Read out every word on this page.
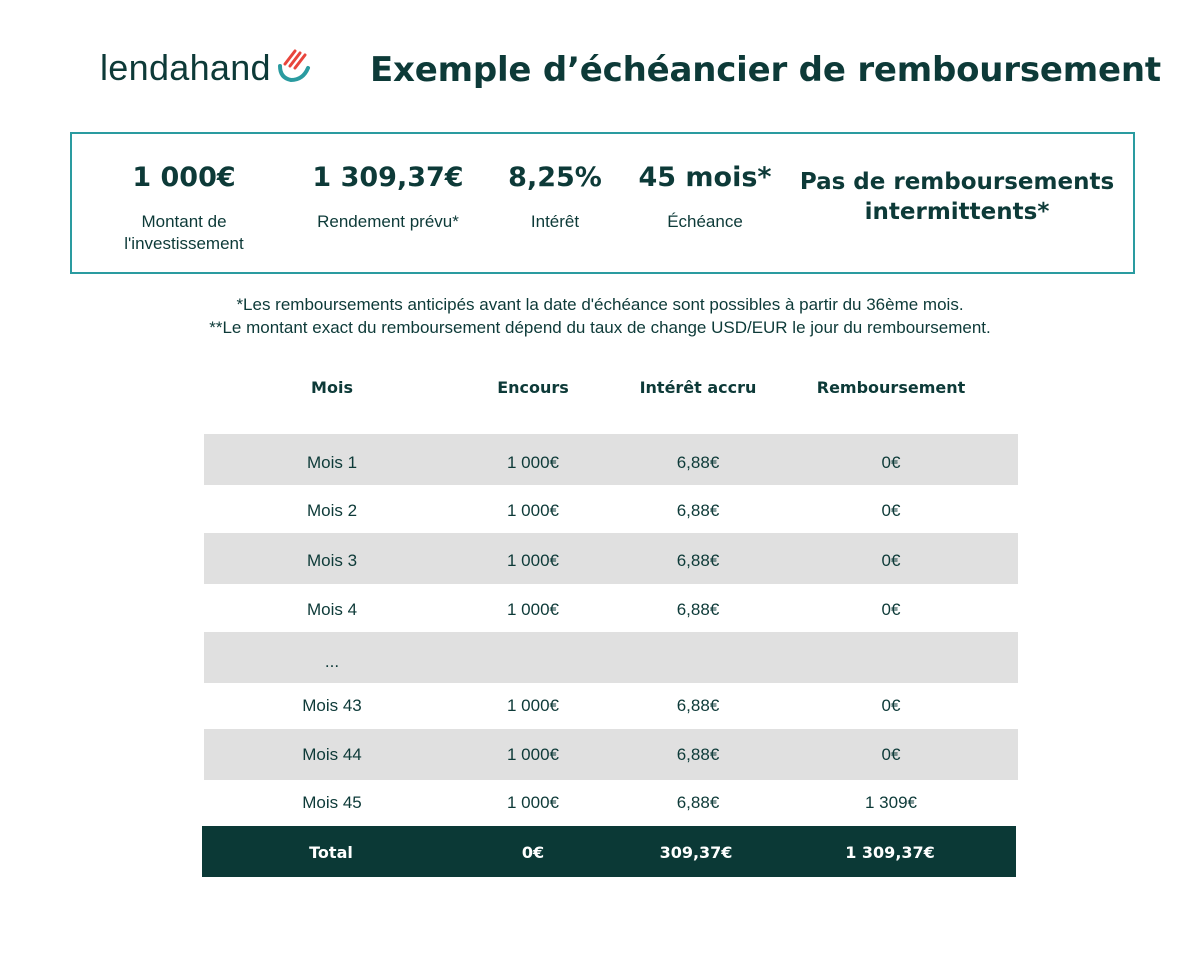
lendahand	Exemple d’échéancier de remboursement
1 000€
Montant de
l'investissement
1 309,37€
Rendement prévu*
8,25%
Intérêt
45 mois*
Échéance
Pas de remboursements
intermittents*
*Les remboursements anticipés avant la date d'échéance sont possibles à partir du 36ème mois.
**Le montant exact du remboursement dépend du taux de change USD/EUR le jour du remboursement.
Mois	Encours	Intérêt accru	Remboursement
Mois 1	1 000€	6,88€	0€
Mois 2	1 000€	6,88€	0€
Mois 3	1 000€	6,88€	0€
Mois 4	1 000€	6,88€	0€
...
Mois 43	1 000€	6,88€	0€
Mois 44	1 000€	6,88€	0€
Mois 45	1 000€	6,88€	1 309€
Total	0€	309,37€	1 309,37€
